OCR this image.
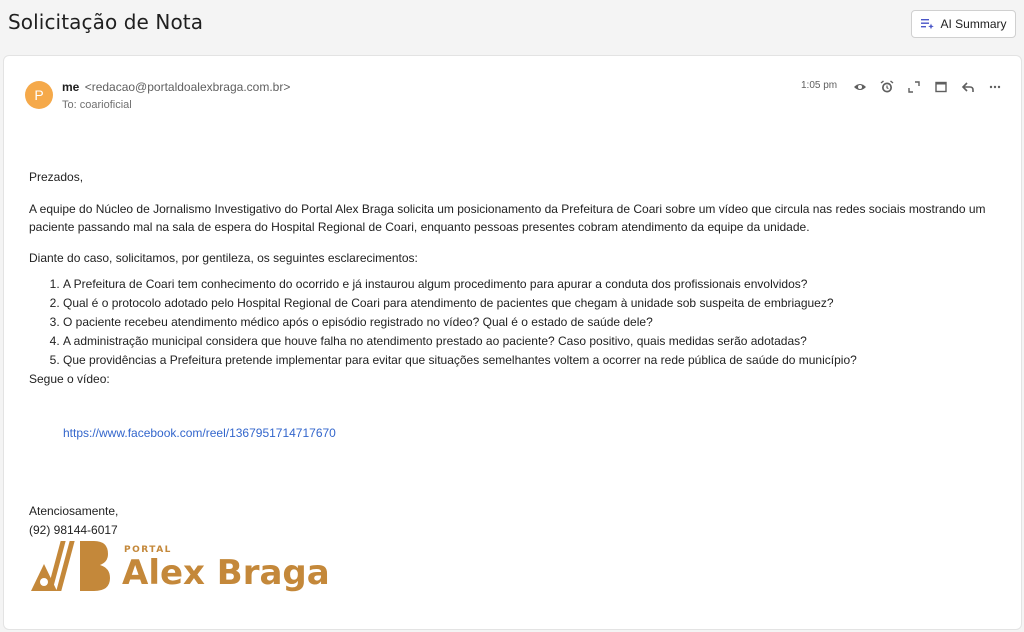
Solicitação de Nota	AI Summary
P	me <redacao@portaldoalexbraga.com.br>
To: coarioficial
1:05 pm

Prezados,

A equipe do Núcleo de Jornalismo Investigativo do Portal Alex Braga solicita um posicionamento da Prefeitura de Coari sobre um vídeo que circula nas redes sociais mostrando um paciente passando mal na sala de espera do Hospital Regional de Coari, enquanto pessoas presentes cobram atendimento da equipe da unidade.

Diante do caso, solicitamos, por gentileza, os seguintes esclarecimentos:

1. A Prefeitura de Coari tem conhecimento do ocorrido e já instaurou algum procedimento para apurar a conduta dos profissionais envolvidos?
2. Qual é o protocolo adotado pelo Hospital Regional de Coari para atendimento de pacientes que chegam à unidade sob suspeita de embriaguez?
3. O paciente recebeu atendimento médico após o episódio registrado no vídeo? Qual é o estado de saúde dele?
4. A administração municipal considera que houve falha no atendimento prestado ao paciente? Caso positivo, quais medidas serão adotadas?
5. Que providências a Prefeitura pretende implementar para evitar que situações semelhantes voltem a ocorrer na rede pública de saúde do município?

Segue o vídeo:

https://www.facebook.com/reel/1367951714717670
Atenciosamente,
(92) 98144-6017
PORTAL
Alex Braga
